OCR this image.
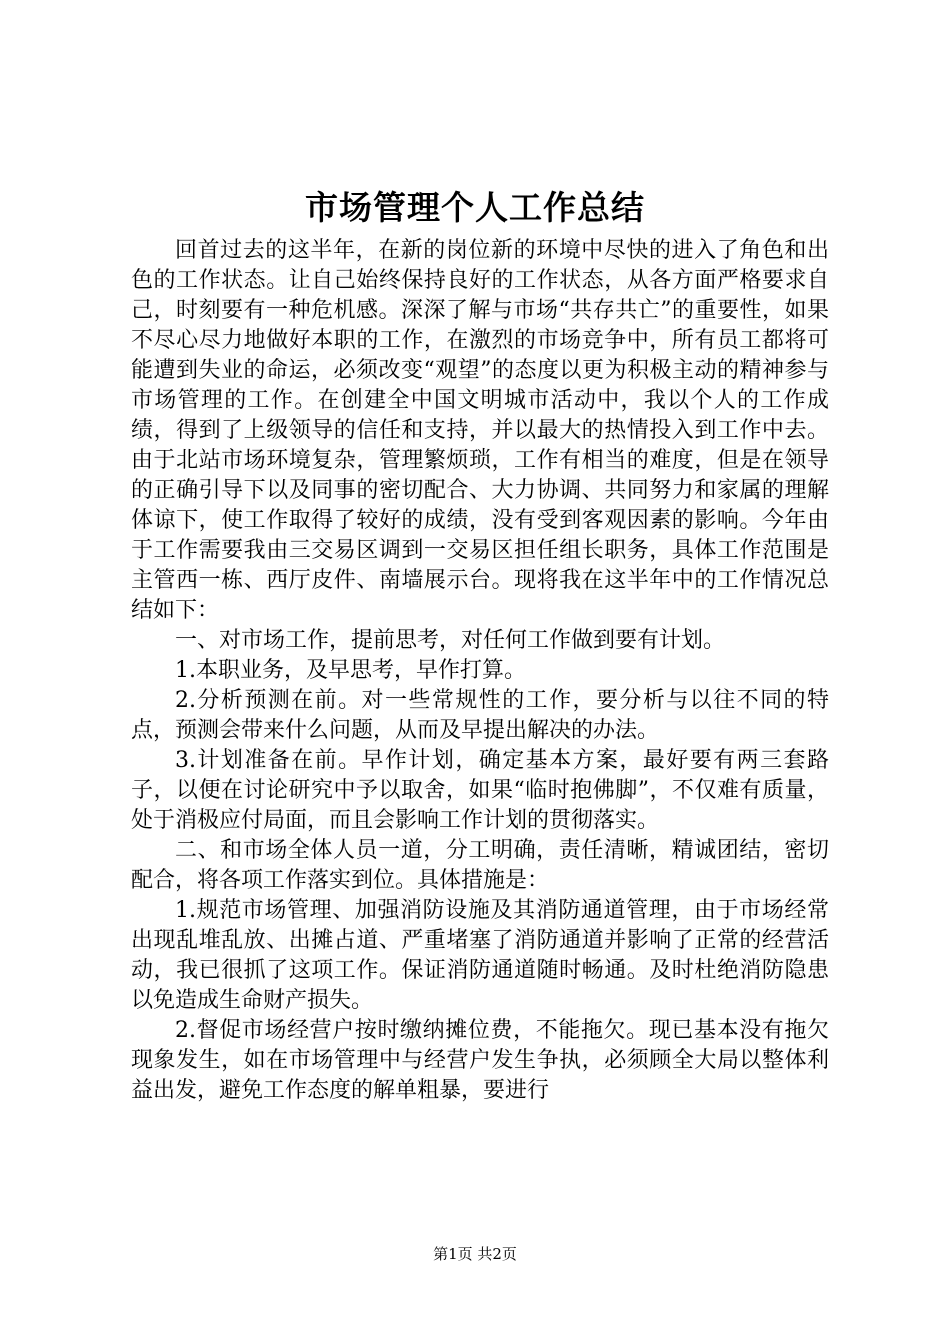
市场管理个人工作总结

回首过去的这半年，在新的岗位新的环境中尽快的进入了角色和出色的工作状态。让自己始终保持良好的工作状态，从各方面严格要求自己，时刻要有一种危机感。深深了解与市场“共存共亡”的重要性，如果不尽心尽力地做好本职的工作，在激烈的市场竞争中，所有员工都将可能遭到失业的命运，必须改变“观望”的态度以更为积极主动的精神参与市场管理的工作。在创建全中国文明城市活动中，我以个人的工作成绩，得到了上级领导的信任和支持，并以最大的热情投入到工作中去。由于北站市场环境复杂，管理繁烦琐，工作有相当的难度，但是在领导的正确引导下以及同事的密切配合、大力协调、共同努力和家属的理解体谅下，使工作取得了较好的成绩，没有受到客观因素的影响。今年由于工作需要我由三交易区调到一交易区担任组长职务，具体工作范围是主管西一栋、西厅皮件、南墙展示台。现将我在这半年中的工作情况总结如下：

一、对市场工作，提前思考，对任何工作做到要有计划。

1.本职业务，及早思考，早作打算。

2.分析预测在前。对一些常规性的工作，要分析与以往不同的特点，预测会带来什么问题，从而及早提出解决的办法。

3.计划准备在前。早作计划，确定基本方案，最好要有两三套路子，以便在讨论研究中予以取舍，如果“临时抱佛脚”，不仅难有质量，处于消极应付局面，而且会影响工作计划的贯彻落实。

二、和市场全体人员一道，分工明确，责任清晰，精诚团结，密切配合，将各项工作落实到位。具体措施是：

1.规范市场管理、加强消防设施及其消防通道管理，由于市场经常出现乱堆乱放、出摊占道、严重堵塞了消防通道并影响了正常的经营活动，我已很抓了这项工作。保证消防通道随时畅通。及时杜绝消防隐患以免造成生命财产损失。

2.督促市场经营户按时缴纳摊位费，不能拖欠。现已基本没有拖欠现象发生，如在市场管理中与经营户发生争执，必须顾全大局以整体利益出发，避免工作态度的解单粗暴，要进行

第1页 共2页
